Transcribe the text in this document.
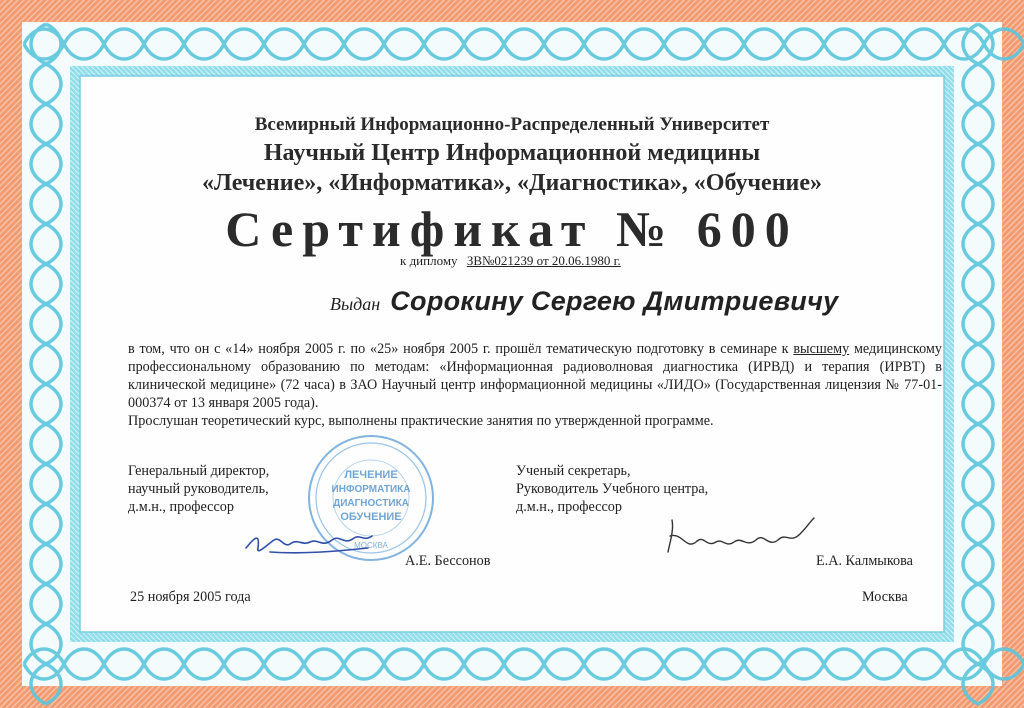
Всемирный Информационно-Распределенный Университет
Научный Центр Информационной медицины
«Лечение», «Информатика», «Диагностика», «Обучение»
Сертификат № 600
к диплому ЗВ№021239 от 20.06.1980 г.
Выдан Сорокину Сергею Дмитриевичу

в том, что он с «14» ноября 2005 г. по «25» ноября 2005 г. прошёл тематическую подготовку в семинаре к высшему медицинскому профессиональному образованию по методам: «Информационная радиоволновая диагностика (ИРВД) и терапия (ИРВТ) в клинической медицине» (72 часа) в ЗАО Научный центр информационной медицины «ЛИДО» (Государственная лицензия № 77-01-000374 от 13 января 2005 года).

Прослушан теоретический курс, выполнены практические занятия по утвержденной программе.

Генеральный директор,
научный руководитель,
д.м.н., профессор
Ученый секретарь,
Руководитель Учебного центра,
д.м.н., профессор
ЛЕЧЕНИЕ
ИНФОРМАТИКА
ДИАГНОСТИКА
ОБУЧЕНИЕ
МОСКВА
А.Е. Бессонов	Е.А. Калмыкова
25 ноября 2005 года	Москва
